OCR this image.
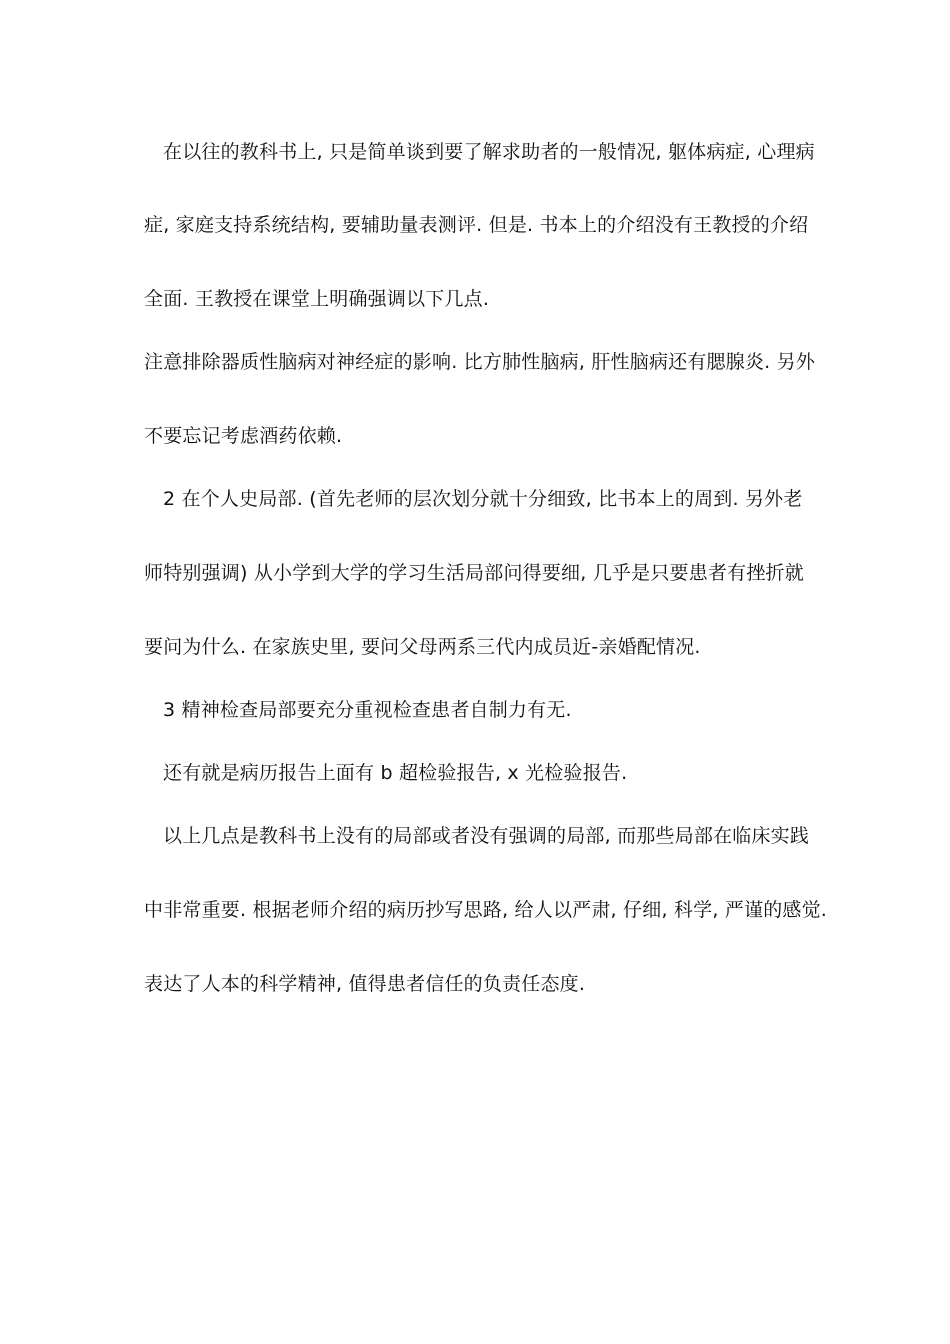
在以往的教科书上, 只是简单谈到要了解求助者的一般情况, 躯体病症, 心理病
症, 家庭支持系统结构, 要辅助量表测评. 但是. 书本上的介绍没有王教授的介绍
全面. 王教授在课堂上明确强调以下几点.
注意排除器质性脑病对神经症的影响. 比方肺性脑病, 肝性脑病还有腮腺炎. 另外
不要忘记考虑酒药依赖.
2 在个人史局部. (首先老师的层次划分就十分细致, 比书本上的周到. 另外老
师特别强调) 从小学到大学的学习生活局部问得要细, 几乎是只要患者有挫折就
要问为什么. 在家族史里, 要问父母两系三代内成员近-亲婚配情况.
3 精神检查局部要充分重视检查患者自制力有无.
还有就是病历报告上面有 b 超检验报告, x 光检验报告.
以上几点是教科书上没有的局部或者没有强调的局部, 而那些局部在临床实践
中非常重要. 根据老师介绍的病历抄写思路, 给人以严肃, 仔细, 科学, 严谨的感觉.
表达了人本的科学精神, 值得患者信任的负责任态度.
